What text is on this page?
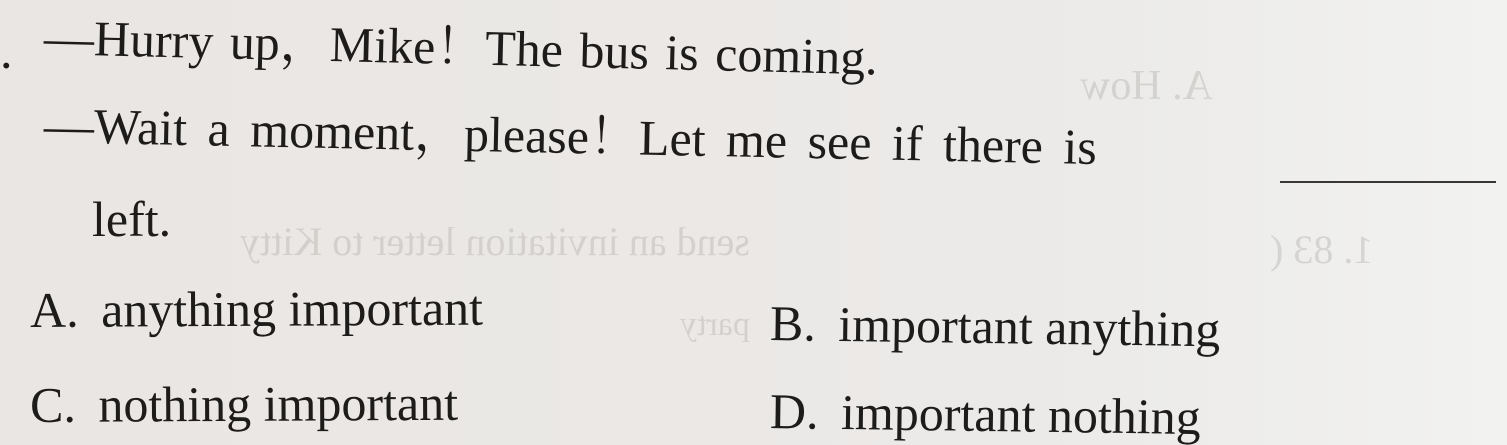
A. How
send an invitation letter to Kitty	1. 83 (
party
. —Hurry up，Mike！The bus is coming.
—Wait a moment，please！Let me see if there is
left.
A. anything important	B. important anything
C. nothing important	D. important nothing
